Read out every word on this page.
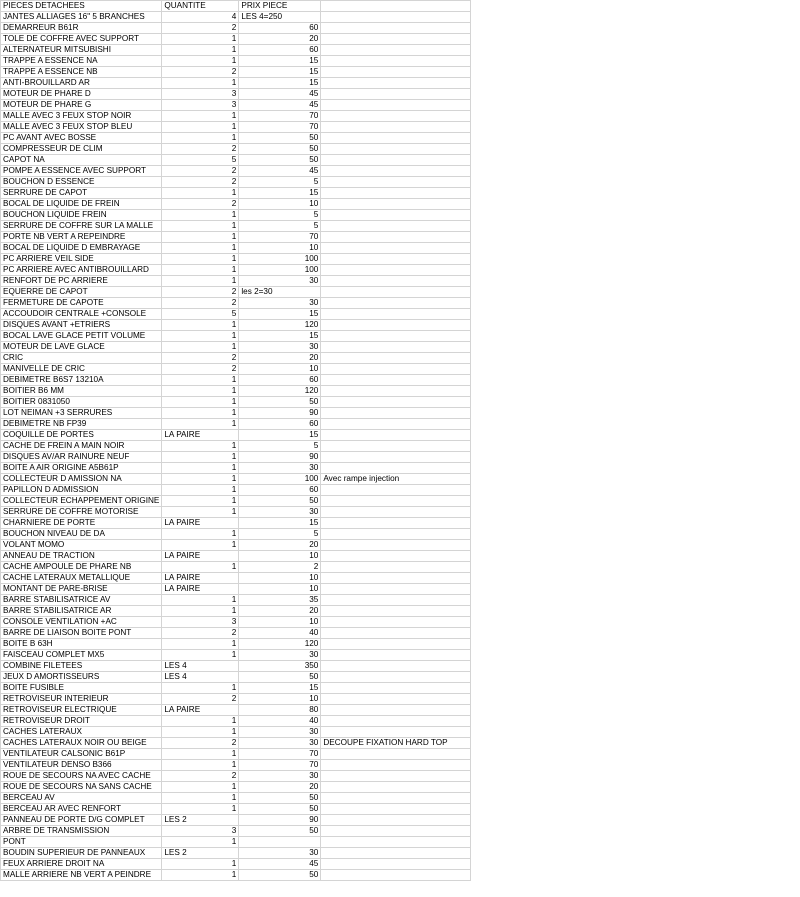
PIECES DETACHEES	QUANTITE	PRIX PIECE	
JANTES ALLIAGES 16" 5 BRANCHES	4	LES 4=250	
DEMARREUR B61R	2	60	
TOLE DE COFFRE AVEC SUPPORT	1	20	
ALTERNATEUR MITSUBISHI	1	60	
TRAPPE A ESSENCE NA	1	15	
TRAPPE A ESSENCE NB	2	15	
ANTI-BROUILLARD AR	1	15	
MOTEUR DE PHARE D	3	45	
MOTEUR DE PHARE G	3	45	
MALLE AVEC 3 FEUX STOP NOIR	1	70	
MALLE AVEC 3 FEUX STOP BLEU	1	70	
PC AVANT AVEC BOSSE	1	50	
COMPRESSEUR DE CLIM	2	50	
CAPOT NA	5	50	
POMPE A ESSENCE AVEC SUPPORT	2	45	
BOUCHON D ESSENCE	2	5	
SERRURE DE CAPOT	1	15	
BOCAL DE LIQUIDE DE FREIN	2	10	
BOUCHON LIQUIDE FREIN	1	5	
SERRURE DE COFFRE SUR LA MALLE	1	5	
PORTE NB VERT A REPEINDRE	1	70	
BOCAL DE LIQUIDE D EMBRAYAGE	1	10	
PC ARRIERE VEIL SIDE	1	100	
PC ARRIERE AVEC ANTIBROUILLARD	1	100	
RENFORT DE PC ARRIERE	1	30	
EQUERRE DE CAPOT	2	les 2=30	
FERMETURE DE CAPOTE	2	30	
ACCOUDOIR CENTRALE +CONSOLE	5	15	
DISQUES AVANT +ETRIERS	1	120	
BOCAL LAVE GLACE PETIT VOLUME	1	15	
MOTEUR DE LAVE GLACE	1	30	
CRIC	2	20	
MANIVELLE DE CRIC	2	10	
DEBIMETRE B6S7 13210A	1	60	
BOITIER B6 MM	1	120	
BOITIER 0831050	1	50	
LOT NEIMAN +3 SERRURES	1	90	
DEBIMETRE NB FP39	1	60	
COQUILLE DE PORTES	LA PAIRE	15	
CACHE DE FREIN A MAIN NOIR	1	5	
DISQUES AV/AR RAINURE NEUF	1	90	
BOITE A AIR ORIGINE A5B61P	1	30	
COLLECTEUR D AMISSION NA	1	100	Avec rampe injection
PAPILLON D ADMISSION	1	60	
COLLECTEUR ECHAPPEMENT ORIGINE	1	50	
SERRURE DE COFFRE MOTORISE	1	30	
CHARNIERE DE PORTE	LA PAIRE	15	
BOUCHON NIVEAU DE DA	1	5	
VOLANT MOMO	1	20	
ANNEAU DE TRACTION	LA PAIRE	10	
CACHE AMPOULE DE PHARE NB	1	2	
CACHE LATERAUX METALLIQUE	LA PAIRE	10	
MONTANT DE PARE-BRISE	LA PAIRE	10	
BARRE STABILISATRICE AV	1	35	
BARRE STABILISATRICE AR	1	20	
CONSOLE VENTILATION +AC	3	10	
BARRE DE LIAISON BOITE PONT	2	40	
BOITE B 63H	1	120	
FAISCEAU COMPLET MX5	1	30	
COMBINE FILETEES	LES 4	350	
JEUX D AMORTISSEURS	LES 4	50	
BOITE FUSIBLE	1	15	
RETROVISEUR INTERIEUR	2	10	
RETROVISEUR ELECTRIQUE	LA PAIRE	80	
RETROVISEUR DROIT	1	40	
CACHES LATERAUX	1	30	
CACHES LATERAUX NOIR OU BEIGE	2	30	DECOUPE FIXATION HARD TOP
VENTILATEUR CALSONIC B61P	1	70	
VENTILATEUR DENSO B366	1	70	
ROUE DE SECOURS NA AVEC CACHE	2	30	
ROUE DE SECOURS NA SANS CACHE	1	20	
BERCEAU AV	1	50	
BERCEAU AR AVEC RENFORT	1	50	
PANNEAU DE PORTE D/G COMPLET	LES 2	90	
ARBRE DE TRANSMISSION	3	50	
PONT	1		
BOUDIN SUPERIEUR DE PANNEAUX	LES 2	30	
FEUX ARRIERE DROIT NA	1	45	
MALLE ARRIERE NB VERT A PEINDRE	1	50	
